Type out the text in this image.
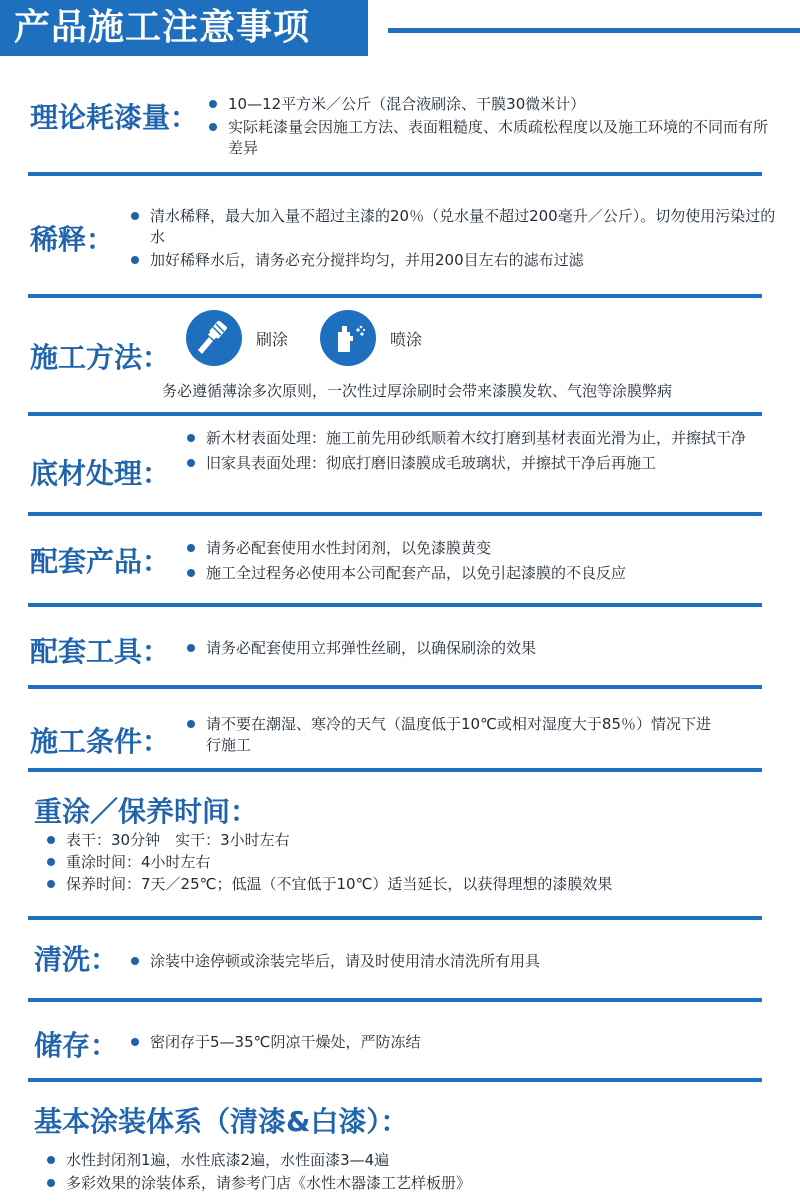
产品施工注意事项
理论耗漆量：	10—12平方米／公斤（混合液刷涂、干膜30微米计）
实际耗漆量会因施工方法、表面粗糙度、木质疏松程度以及施工环境的不同而有所差异
稀释：
清水稀释，最大加入量不超过主漆的20％（兑水量不超过200毫升／公斤）。切勿使用污染过的水
加好稀释水后，请务必充分搅拌均匀，并用200目左右的滤布过滤
施工方法：
刷涂	喷涂
务必遵循薄涂多次原则，一次性过厚涂刷时会带来漆膜发软、气泡等涂膜弊病
底材处理：
新木材表面处理：施工前先用砂纸顺着木纹打磨到基材表面光滑为止，并擦拭干净
旧家具表面处理：彻底打磨旧漆膜成毛玻璃状，并擦拭干净后再施工
配套产品：	请务必配套使用水性封闭剂，以免漆膜黄变
施工全过程务必使用本公司配套产品，以免引起漆膜的不良反应
配套工具：	请务必配套使用立邦弹性丝刷，以确保刷涂的效果
施工条件：
请不要在潮湿、寒冷的天气（温度低于10℃或相对湿度大于85％）情况下进行施工
重涂／保养时间：
表干：30分钟　实干：3小时左右
重涂时间：4小时左右
保养时间：7天／25℃；低温（不宜低于10℃）适当延长，以获得理想的漆膜效果
清洗：	涂装中途停顿或涂装完毕后，请及时使用清水清洗所有用具
储存：	密闭存于5—35℃阴凉干燥处，严防冻结
基本涂装体系（清漆&白漆）：
水性封闭剂1遍，水性底漆2遍，水性面漆3—4遍
多彩效果的涂装体系，请参考门店《水性木器漆工艺样板册》
